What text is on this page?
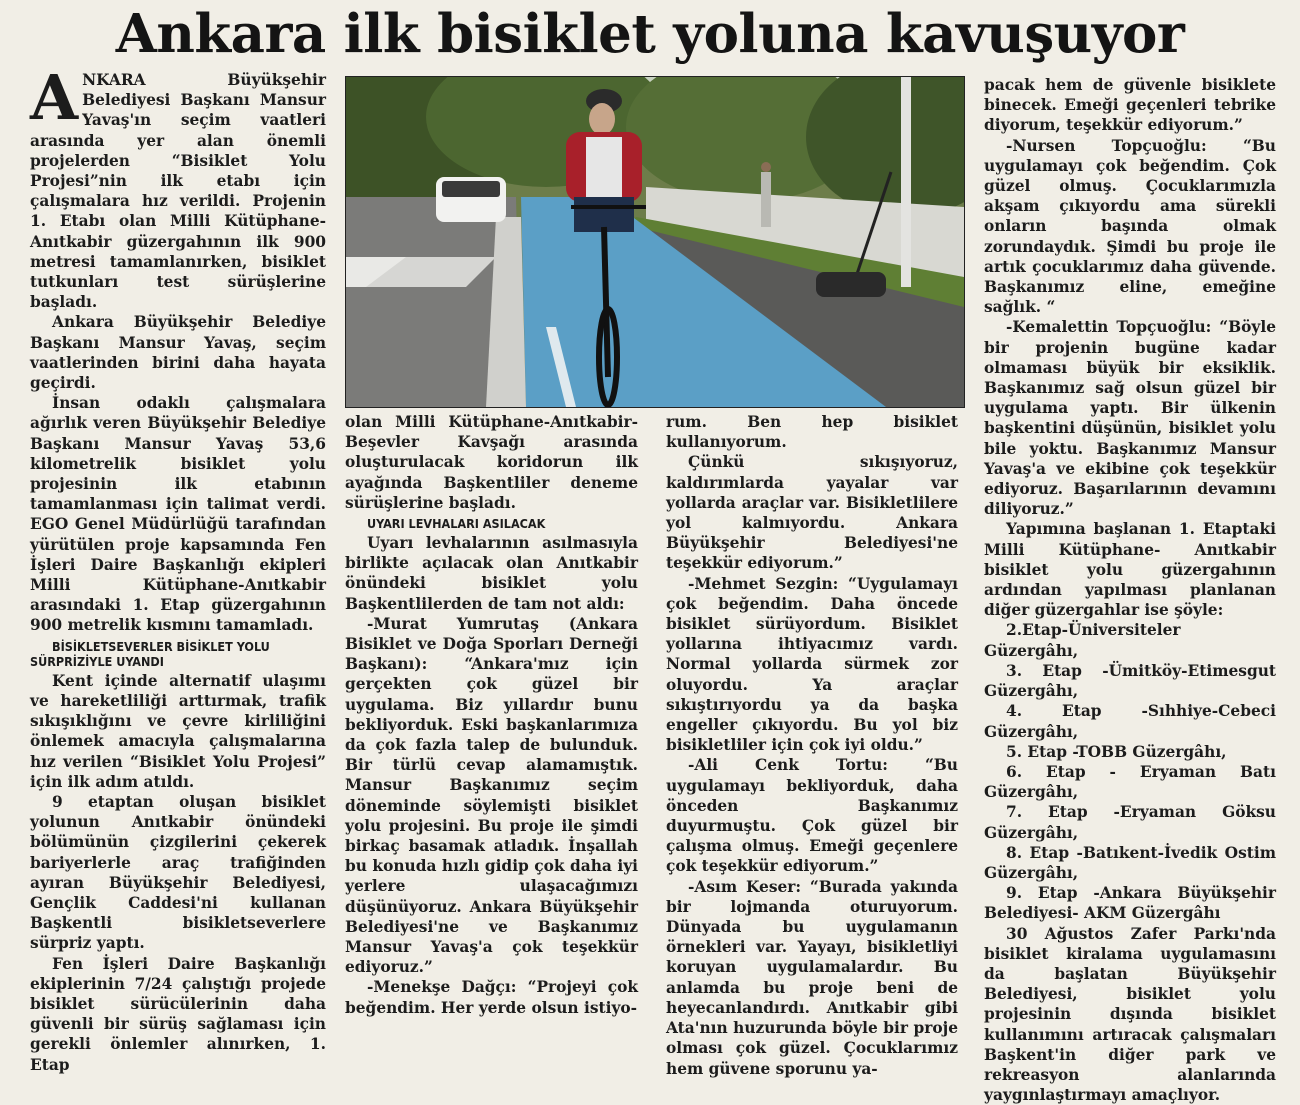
Ankara ilk bisiklet yoluna kavuşuyor

ANKARA Büyükşehir Belediyesi Başkanı Mansur Yavaş'ın seçim vaatleri arasında yer alan önemli projelerden “Bisiklet Yolu Projesi”nin ilk etabı için çalışmalara hız verildi. Projenin 1. Etabı olan Milli Kütüphane-Anıtkabir güzergahının ilk 900 metresi tamamlanırken, bisiklet tutkunları test sürüşlerine başladı.

Ankara Büyükşehir Belediye Başkanı Mansur Yavaş, seçim vaatlerinden birini daha hayata geçirdi.

İnsan odaklı çalışmalara ağırlık veren Büyükşehir Belediye Başkanı Mansur Yavaş 53,6 kilometrelik bisiklet yolu projesinin ilk etabının tamamlanması için talimat verdi. EGO Genel Müdürlüğü tarafından yürütülen proje kapsamında Fen İşleri Daire Başkanlığı ekipleri Milli Kütüphane-Anıtkabir arasındaki 1. Etap güzergahının 900 metrelik kısmını tamamladı.

BİSİKLETSEVERLER BİSİKLET YOLU SÜRPRİZİYLE UYANDI

Kent içinde alternatif ulaşımı ve hareketliliği arttırmak, trafik sıkışıklığını ve çevre kirliliğini önlemek amacıyla çalışmalarına hız verilen “Bisiklet Yolu Projesi” için ilk adım atıldı.

9 etaptan oluşan bisiklet yolunun Anıtkabir önündeki bölümünün çizgilerini çekerek bariyerlerle araç trafiğinden ayıran Büyükşehir Belediyesi, Gençlik Caddesi'ni kullanan Başkentli bisikletseverlere sürpriz yaptı.

Fen İşleri Daire Başkanlığı ekiplerinin 7/24 çalıştığı projede bisiklet sürücülerinin daha güvenli bir sürüş sağlaması için gerekli önlemler alınırken, 1. Etap

olan Milli Kütüphane-Anıtkabir-Beşevler Kavşağı arasında oluşturulacak koridorun ilk ayağında Başkentliler deneme sürüşlerine başladı.

UYARI LEVHALARI ASILACAK

Uyarı levhalarının asılmasıyla birlikte açılacak olan Anıtkabir önündeki bisiklet yolu Başkentlilerden de tam not aldı:

-Murat Yumrutaş (Ankara Bisiklet ve Doğa Sporları Derneği Başkanı): “Ankara'mız için gerçekten çok güzel bir uygulama. Biz yıllardır bunu bekliyorduk. Eski başkanlarımıza da çok fazla talep de bulunduk. Bir türlü cevap alamamıştık. Mansur Başkanımız seçim döneminde söylemişti bisiklet yolu projesini. Bu proje ile şimdi birkaç basamak atladık. İnşallah bu konuda hızlı gidip çok daha iyi yerlere ulaşacağımızı düşünüyoruz. Ankara Büyükşehir Belediyesi'ne ve Başkanımız Mansur Yavaş'a çok teşekkür ediyoruz.”

-Menekşe Dağçı: “Projeyi çok beğendim. Her yerde olsun istiyo-

rum. Ben hep bisiklet kullanıyorum.

Çünkü sıkışıyoruz, kaldırımlarda yayalar var yollarda araçlar var. Bisikletlilere yol kalmıyordu. Ankara Büyükşehir Belediyesi'ne teşekkür ediyorum.”

-Mehmet Sezgin: “Uygulamayı çok beğendim. Daha öncede bisiklet sürüyordum. Bisiklet yollarına ihtiyacımız vardı. Normal yollarda sürmek zor oluyordu. Ya araçlar sıkıştırıyordu ya da başka engeller çıkıyordu. Bu yol biz bisikletliler için çok iyi oldu.”

-Ali Cenk Tortu: “Bu uygulamayı bekliyorduk, daha önceden Başkanımız duyurmuştu. Çok güzel bir çalışma olmuş. Emeği geçenlere çok teşekkür ediyorum.”

-Asım Keser: “Burada yakında bir lojmanda oturuyorum. Dünyada bu uygulamanın örnekleri var. Yayayı, bisikletliyi koruyan uygulamalardır. Bu anlamda bu proje beni de heyecanlandırdı. Anıtkabir gibi Ata'nın huzurunda böyle bir proje olması çok güzel. Çocuklarımız hem güvene sporunu ya-

pacak hem de güvenle bisiklete binecek. Emeği geçenleri tebrike diyorum, teşekkür ediyorum.”

-Nursen Topçuoğlu: “Bu uygulamayı çok beğendim. Çok güzel olmuş. Çocuklarımızla akşam çıkıyordu ama sürekli onların başında olmak zorundaydık. Şimdi bu proje ile artık çocuklarımız daha güvende. Başkanımız eline, emeğine sağlık. “

-Kemalettin Topçuoğlu: “Böyle bir projenin bugüne kadar olmaması büyük bir eksiklik. Başkanımız sağ olsun güzel bir uygulama yaptı. Bir ülkenin başkentini düşünün, bisiklet yolu bile yoktu. Başkanımız Mansur Yavaş'a ve ekibine çok teşekkür ediyoruz. Başarılarının devamını diliyoruz.”

Yapımına başlanan 1. Etaptaki Milli Kütüphane- Anıtkabir bisiklet yolu güzergahının ardından yapılması planlanan diğer güzergahlar ise şöyle:

2.Etap-Üniversiteler Güzergâhı,

3. Etap -Ümitköy-Etimesgut Güzergâhı,

4. Etap -Sıhhiye-Cebeci Güzergâhı,

5. Etap -TOBB Güzergâhı,

6. Etap - Eryaman Batı Güzergâhı,

7. Etap -Eryaman Göksu Güzergâhı,

8. Etap -Batıkent-İvedik Ostim Güzergâhı,

9. Etap -Ankara Büyükşehir Belediyesi- AKM Güzergâhı

30 Ağustos Zafer Parkı'nda bisiklet kiralama uygulamasını da başlatan Büyükşehir Belediyesi, bisiklet yolu projesinin dışında bisiklet kullanımını artıracak çalışmaları Başkent'in diğer park ve rekreasyon alanlarında yaygınlaştırmayı amaçlıyor.
